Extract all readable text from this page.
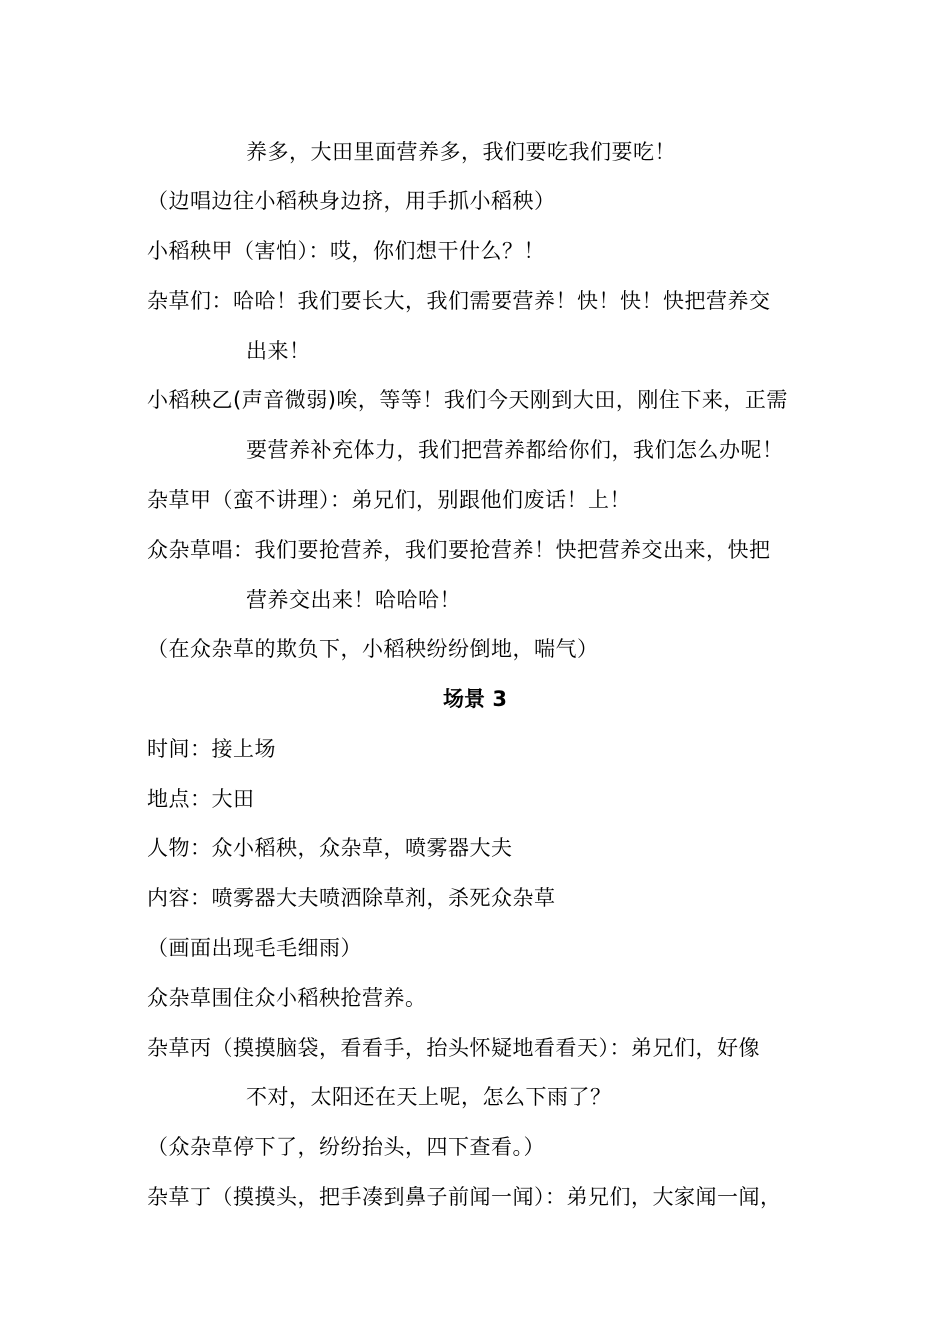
养多，大田里面营养多，我们要吃我们要吃！
（边唱边往小稻秧身边挤，用手抓小稻秧）
小稻秧甲（害怕）：哎，你们想干什么？！
杂草们：哈哈！我们要长大，我们需要营养！快！快！快把营养交
出来！
小稻秧乙(声音微弱)唉，等等！我们今天刚到大田，刚住下来，正需
要营养补充体力，我们把营养都给你们，我们怎么办呢！
杂草甲（蛮不讲理）：弟兄们，别跟他们废话！上！
众杂草唱：我们要抢营养，我们要抢营养！快把营养交出来，快把
营养交出来！哈哈哈！
（在众杂草的欺负下，小稻秧纷纷倒地，喘气）
场景 3
时间：接上场
地点：大田
人物：众小稻秧，众杂草，喷雾器大夫
内容：喷雾器大夫喷洒除草剂，杀死众杂草
（画面出现毛毛细雨）
众杂草围住众小稻秧抢营养。
杂草丙（摸摸脑袋，看看手，抬头怀疑地看看天）：弟兄们，好像
不对，太阳还在天上呢，怎么下雨了？
（众杂草停下了，纷纷抬头，四下查看。）
杂草丁（摸摸头，把手凑到鼻子前闻一闻）：弟兄们，大家闻一闻，
